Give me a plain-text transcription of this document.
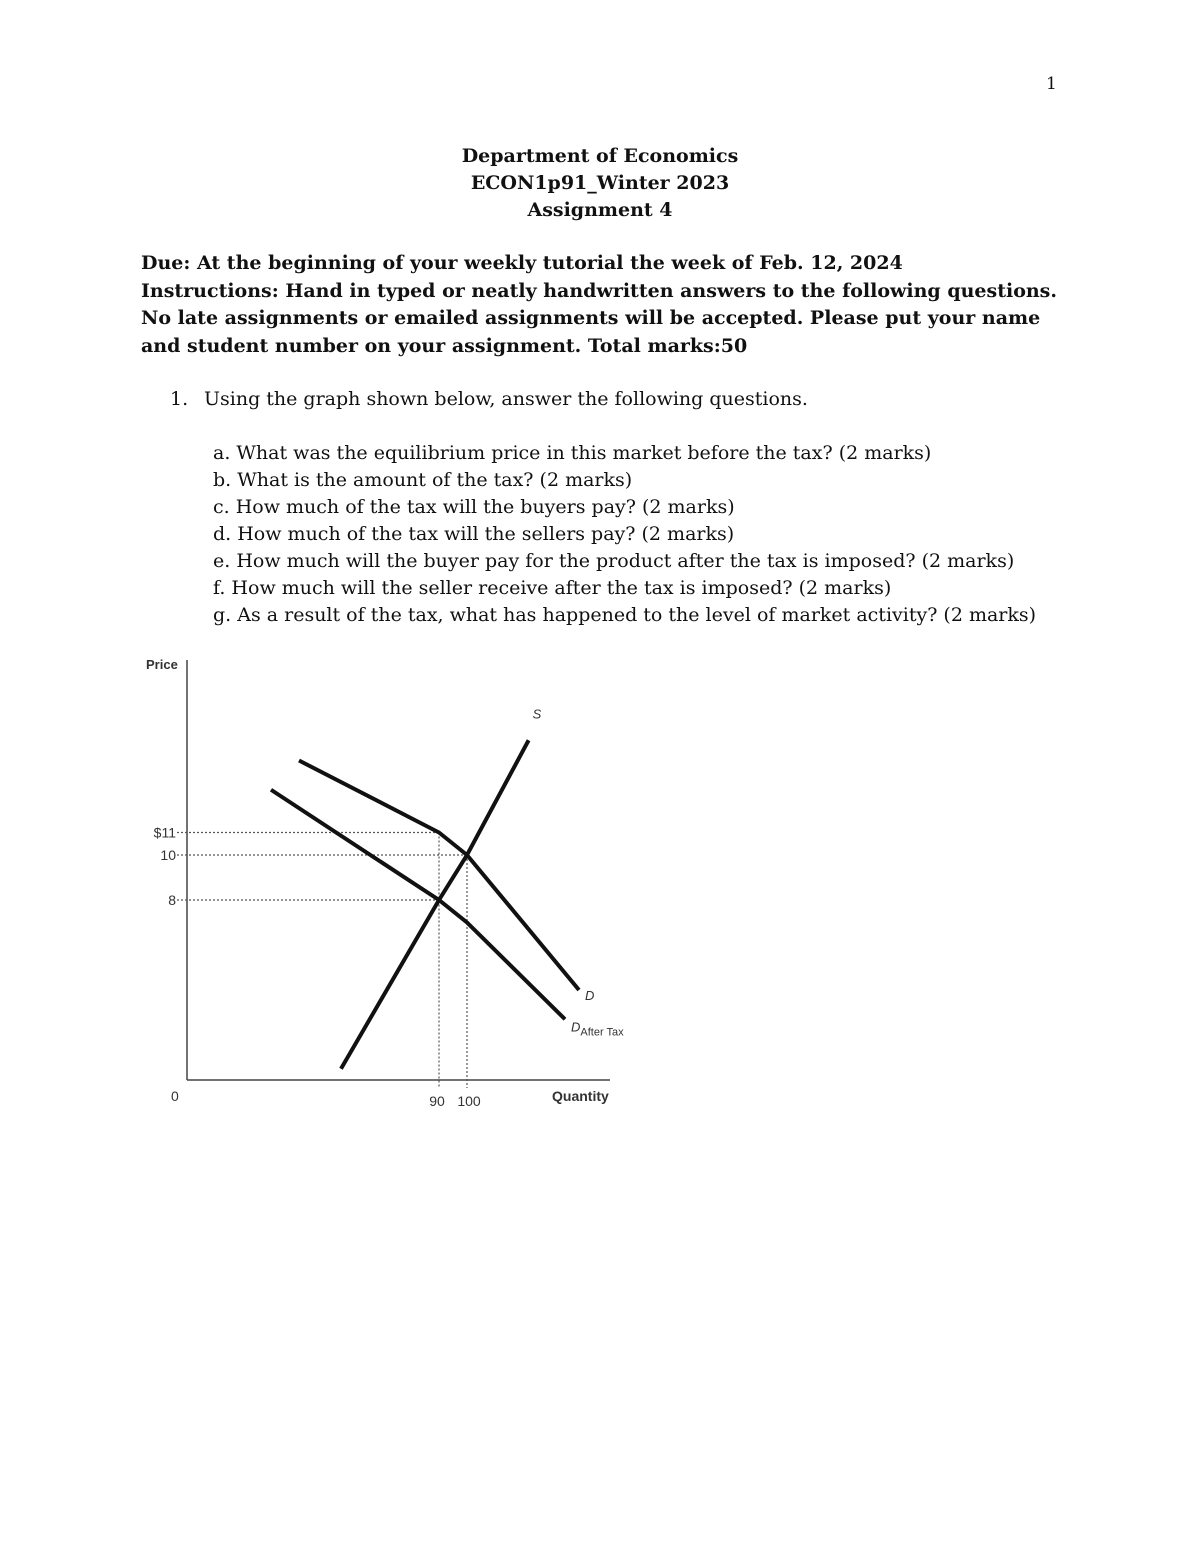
1
Department of Economics
ECON1p91_Winter 2023
Assignment 4

Due: At the beginning of your weekly tutorial the week of Feb. 12, 2024

Instructions: Hand in typed or neatly handwritten answers to the following questions. No late assignments or emailed assignments will be accepted. Please put your name and student number on your assignment. Total marks:50

1. Using the graph shown below, answer the following questions.
a. What was the equilibrium price in this market before the tax? (2 marks)
b. What is the amount of the tax? (2 marks)
c. How much of the tax will the buyers pay? (2 marks)
d. How much of the tax will the sellers pay? (2 marks)
e. How much will the buyer pay for the product after the tax is imposed? (2 marks)
f. How much will the seller receive after the tax is imposed? (2 marks)
g. As a result of the tax, what has happened to the level of market activity? (2 marks)
Price
Quantity
0
$11
10
8
90 100
S
D
$D_{After Tax}$
